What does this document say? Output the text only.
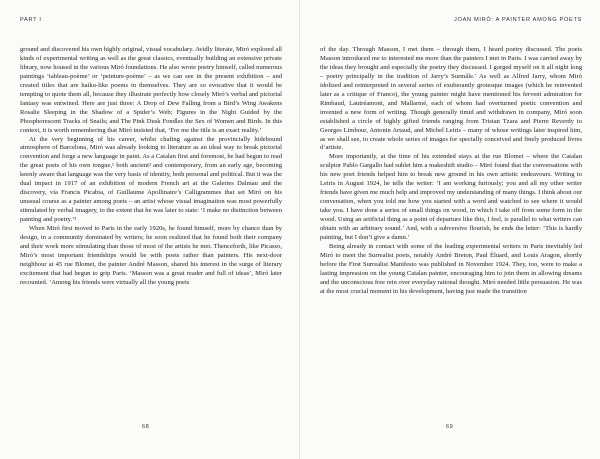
PART I

ground and discovered his own highly original, visual vocabulary. Avidly literate, Miró explored all kinds of experimental writing as well as the great classics, eventually building an extensive private library, now housed in the various Miró foundations. He also wrote poetry himself, called numerous paintings ‘tableau-poème’ or ‘peinture-poème’ – as we can see in the present exhibition – and created titles that are haiku-like poems in themselves. They are so evocative that it would be tempting to quote them all, because they illustrate perfectly how closely Miró’s verbal and pictorial fantasy was entwined. Here are just three: A Drop of Dew Falling from a Bird’s Wing Awakens Rosalie Sleeping in the Shadow of a Spider’s Web; Figures in the Night Guided by the Phosphorescent Tracks of Snails; and The Pink Dusk Fondles the Sex of Women and Birds. In this context, it is worth remembering that Miró insisted that, ‘For me the title is an exact reality.’

At the very beginning of his career, whilst chafing against the provincially hidebound atmosphere of Barcelona, Miró was already looking to literature as an ideal way to break pictorial convention and forge a new language in paint. As a Catalan first and foremost, he had begun to read the great poets of his own tongue,¹ both ancient² and contemporary, from an early age, becoming keenly aware that language was the very basis of identity, both personal and political. But it was the dual impact in 1917 of an exhibition of modern French art at the Galeries Dalmau and the discovery, via Francis Picabia, of Guillaume Apollinaire’s Calligrammes that set Miró on his unusual course as a painter among poets – an artist whose visual imagination was most powerfully stimulated by verbal imagery, to the extent that he was later to state: ‘I make no distinction between painting and poetry.’³

When Miró first moved to Paris in the early 1920s, he found himself, more by chance than by design, in a community dominated by writers; he soon realized that he found both their company and their work more stimulating than those of most of the artists he met. Thenceforth, like Picasso, Miró’s most important friendships would be with poets rather than painters. His next-door neighbour at 45 rue Blomet, the painter André Masson, shared his interest in the surge of literary excitement that had begun to grip Paris. ‘Masson was a great reader and full of ideas’, Miró later recounted. ‘Among his friends were virtually all the young poets

68
JOAN MIRÓ: A PAINTER AMONG POETS

of the day. Through Masson, I met them – through them, I heard poetry discussed. The poets Masson introduced me to interested me more than the painters I met in Paris. I was carried away by the ideas they brought and especially the poetry they discussed. I gorged myself on it all night long – poetry principally in the tradition of Jarry’s Surmâle.’ As well as Alfred Jarry, whom Miró idolized and reinterpreted in several series of exuberantly grotesque images (which he reinvented later as a critique of Franco), the young painter might have mentioned his fervent admiration for Rimbaud, Lautréamont, and Mallarmé, each of whom had overturned poetic convention and invented a new form of writing. Though generally timid and withdrawn in company, Miró soon established a circle of highly gifted friends ranging from Tristan Tzara and Pierre Reverdy to Georges Limbour, Antonin Artaud, and Michel Leiris – many of whose writings later inspired him, as we shall see, to create whole series of images for specially conceived and finely produced livres d’artiste.

More importantly, at the time of his extended stays at the rue Blomet – where the Catalan sculptor Pablo Gargallo had sublet him a makeshift studio – Miró found that the conversations with his new poet friends helped him to break new ground in his own artistic endeavours. Writing to Leiris in August 1924, he tells the writer: ‘I am working furiously; you and all my other writer friends have given me much help and improved my understanding of many things. I think about our conversation, when you told me how you started with a word and watched to see where it would take you. I have done a series of small things on wood, in which I take off from some form in the wood. Using an artificial thing as a point of departure like this, I feel, is parallel to what writers can obtain with an arbitrary sound.’ And, with a subversive flourish, he ends the letter: ‘This is hardly painting, but I don’t give a damn.’

Being already in contact with some of the leading experimental writers in Paris inevitably led Miró to meet the Surrealist poets, notably André Breton, Paul Éluard, and Louis Aragon, shortly before the First Surrealist Manifesto was published in November 1924. They, too, were to make a lasting impression on the young Catalan painter, encouraging him to join them in allowing dreams and the unconscious free rein over everyday rational thought. Miró needed little persuasion. He was at the most crucial moment in his development, having just made the transition

69
